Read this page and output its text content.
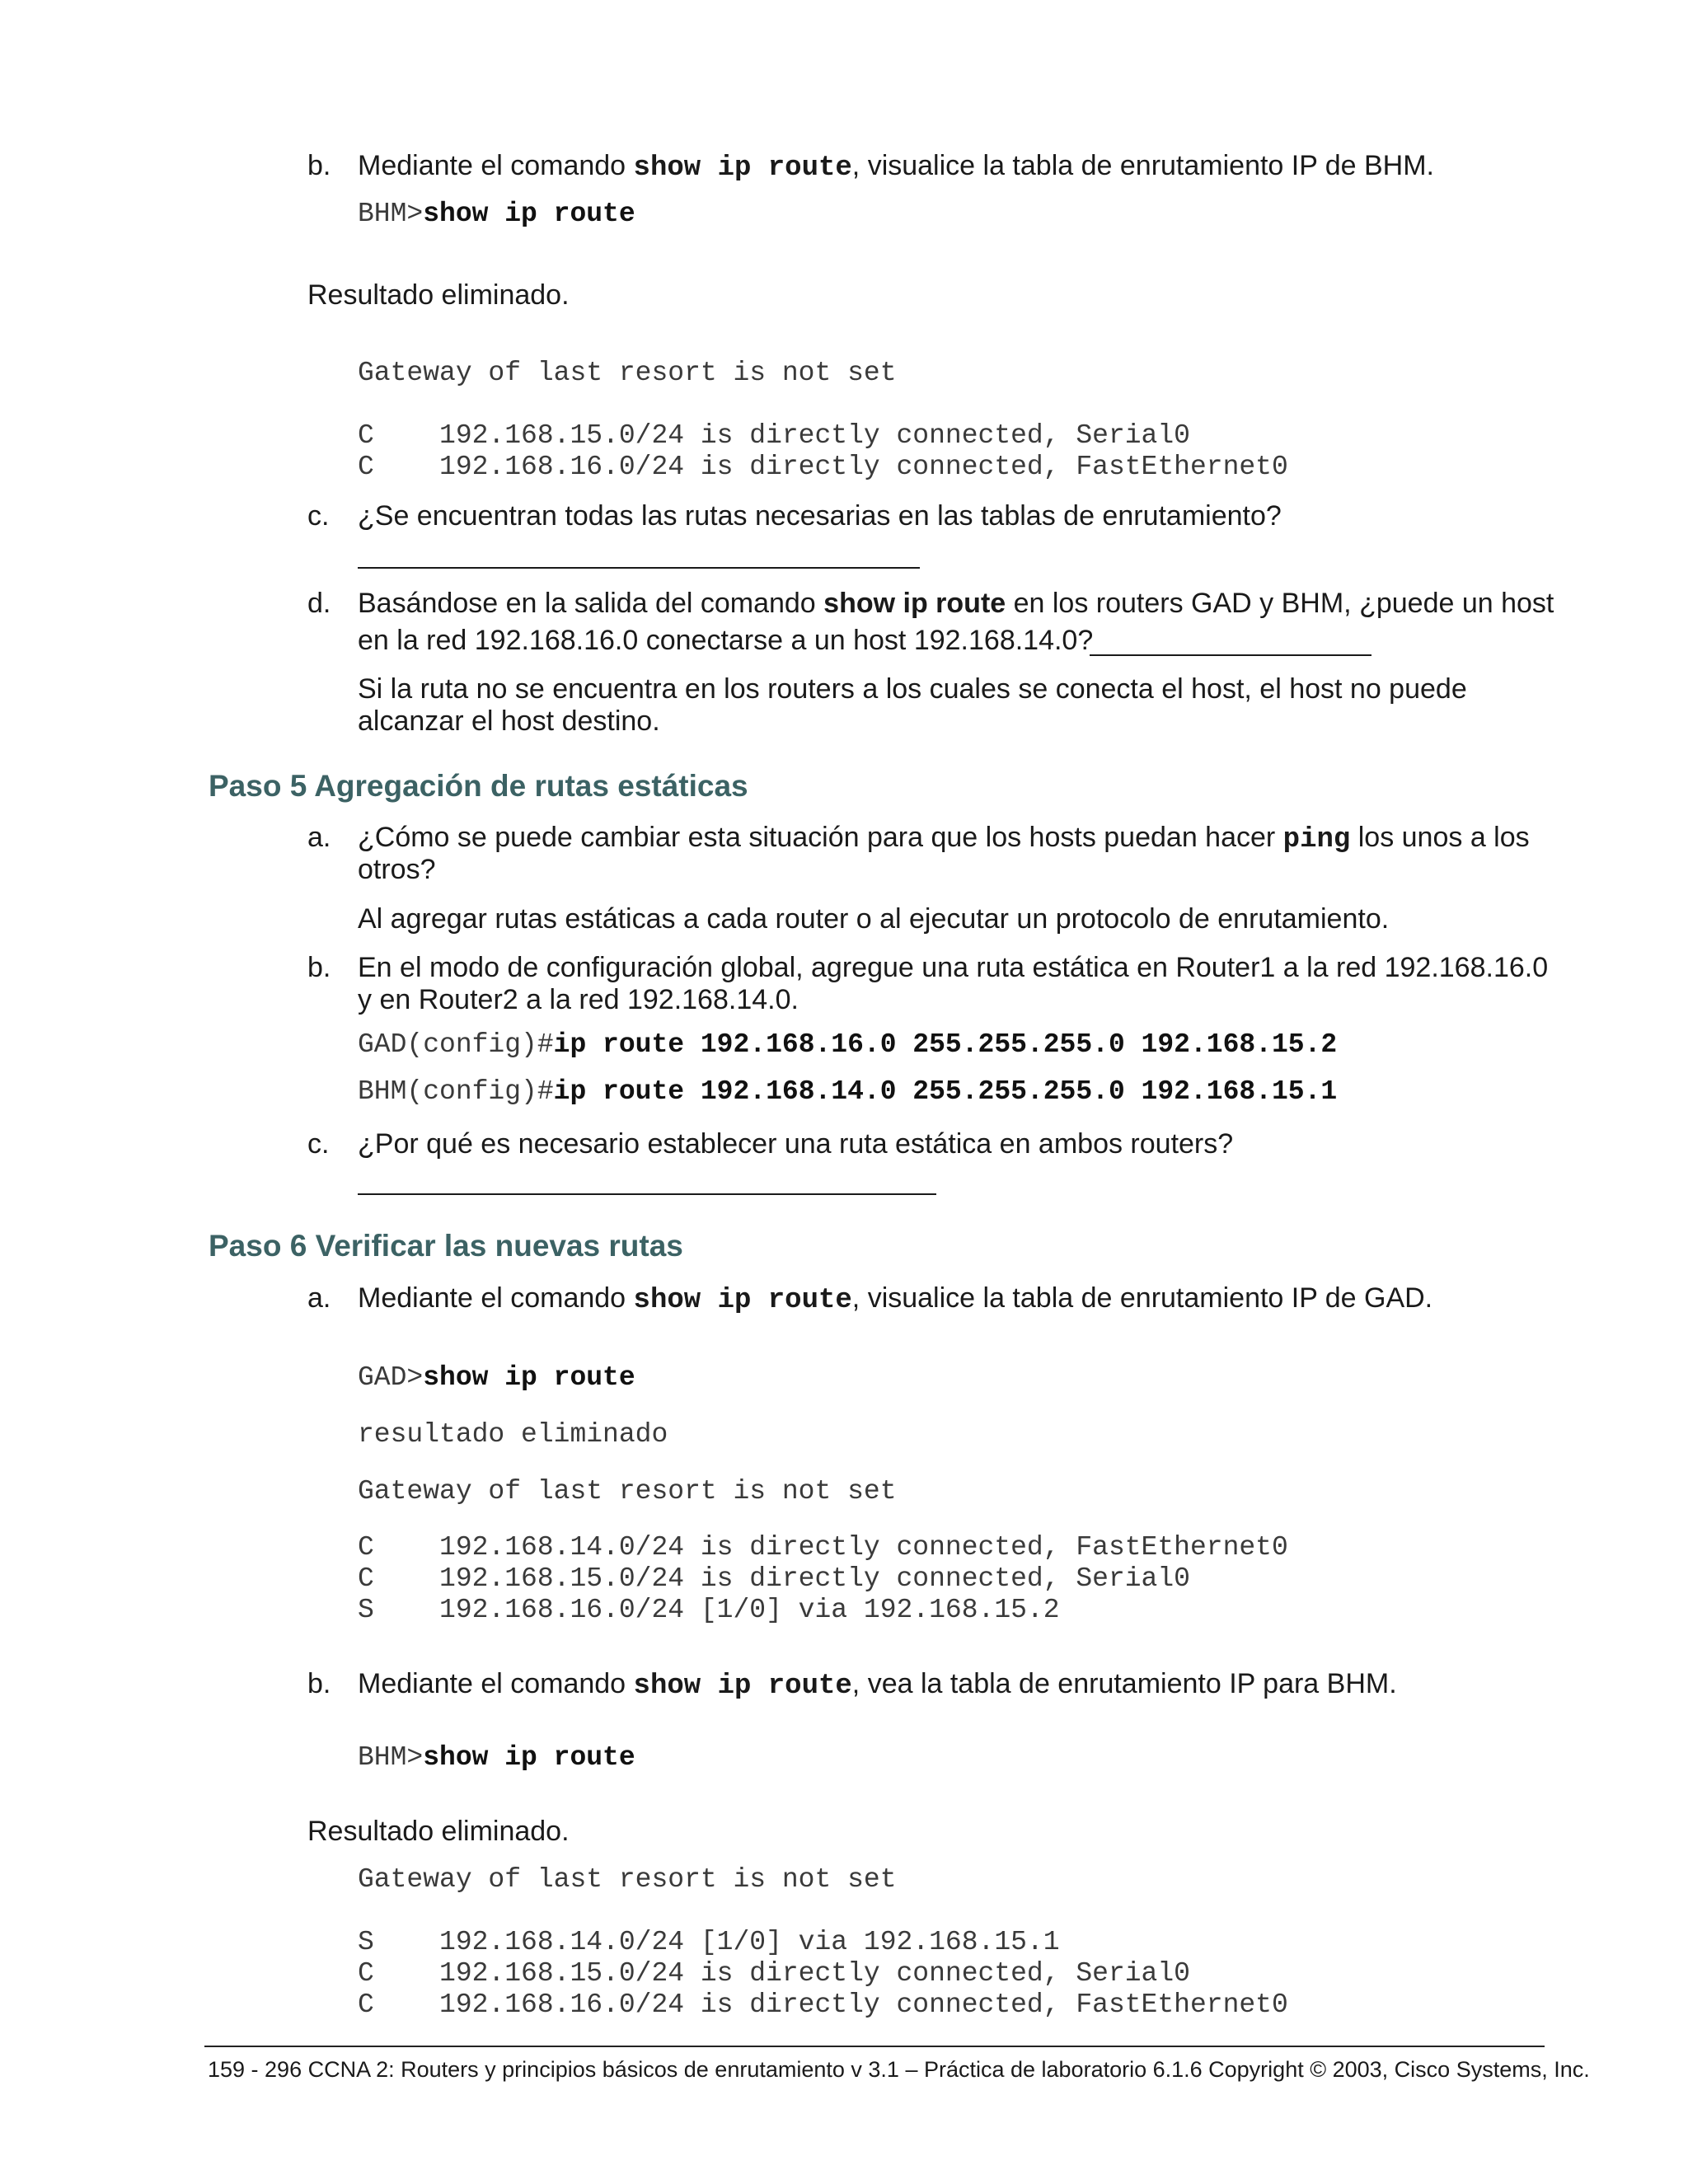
b. Mediante el comando show ip route, visualice la tabla de enrutamiento IP de BHM.
BHM>show ip route
Resultado eliminado.
Gateway of last resort is not set
C    192.168.15.0/24 is directly connected, Serial0
C    192.168.16.0/24 is directly connected, FastEthernet0
c. ¿Se encuentran todas las rutas necesarias en las tablas de enrutamiento?
d. Basándose en la salida del comando show ip route en los routers GAD y BHM, ¿puede un host
en la red 192.168.16.0 conectarse a un host 192.168.14.0?
Si la ruta no se encuentra en los routers a los cuales se conecta el host, el host no puede
alcanzar el host destino.
Paso 5 Agregación de rutas estáticas
a. ¿Cómo se puede cambiar esta situación para que los hosts puedan hacer ping los unos a los
otros?
Al agregar rutas estáticas a cada router o al ejecutar un protocolo de enrutamiento.
b. En el modo de configuración global, agregue una ruta estática en Router1 a la red 192.168.16.0
y en Router2 a la red 192.168.14.0.
GAD(config)#ip route 192.168.16.0 255.255.255.0 192.168.15.2
BHM(config)#ip route 192.168.14.0 255.255.255.0 192.168.15.1
c. ¿Por qué es necesario establecer una ruta estática en ambos routers?
Paso 6 Verificar las nuevas rutas
a. Mediante el comando show ip route, visualice la tabla de enrutamiento IP de GAD.
GAD>show ip route
resultado eliminado
Gateway of last resort is not set
C    192.168.14.0/24 is directly connected, FastEthernet0
C    192.168.15.0/24 is directly connected, Serial0
S    192.168.16.0/24 [1/0] via 192.168.15.2
b. Mediante el comando show ip route, vea la tabla de enrutamiento IP para BHM.
BHM>show ip route
Resultado eliminado.
Gateway of last resort is not set
S    192.168.14.0/24 [1/0] via 192.168.15.1
C    192.168.15.0/24 is directly connected, Serial0
C    192.168.16.0/24 is directly connected, FastEthernet0
159 - 296 CCNA 2: Routers y principios básicos de enrutamiento v 3.1 – Práctica de laboratorio 6.1.6 Copyright © 2003, Cisco Systems, Inc.
